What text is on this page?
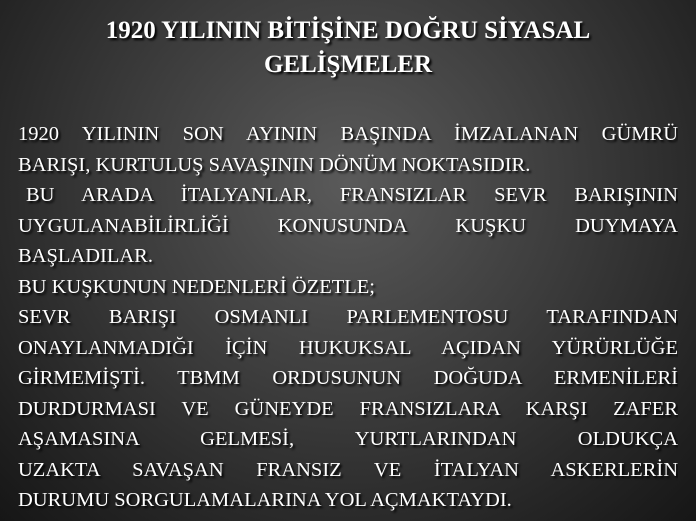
1920 YILININ BİTİŞİNE DOĞRU SİYASAL
GELİŞMELER
1920 YILININ SON AYININ BAŞINDA İMZALANAN GÜMRÜ
BARIŞI, KURTULUŞ SAVAŞININ DÖNÜM NOKTASIDIR.
BU ARADA İTALYANLAR, FRANSIZLAR SEVR BARIŞININ
UYGULANABİLİRLİĞİ KONUSUNDA KUŞKU DUYMAYA
BAŞLADILAR.
BU KUŞKUNUN NEDENLERİ ÖZETLE;
SEVR BARIŞI OSMANLI PARLEMENTOSU TARAFINDAN
ONAYLANMADIĞI İÇİN HUKUKSAL AÇIDAN YÜRÜRLÜĞE
GİRMEMİŞTİ. TBMM ORDUSUNUN DOĞUDA ERMENİLERİ
DURDURMASI VE GÜNEYDE FRANSIZLARA KARŞI ZAFER
AŞAMASINA GELMESİ, YURTLARINDAN OLDUKÇA
UZAKTA SAVAŞAN FRANSIZ VE İTALYAN ASKERLERİN
DURUMU SORGULAMALARINA YOL AÇMAKTAYDI.
